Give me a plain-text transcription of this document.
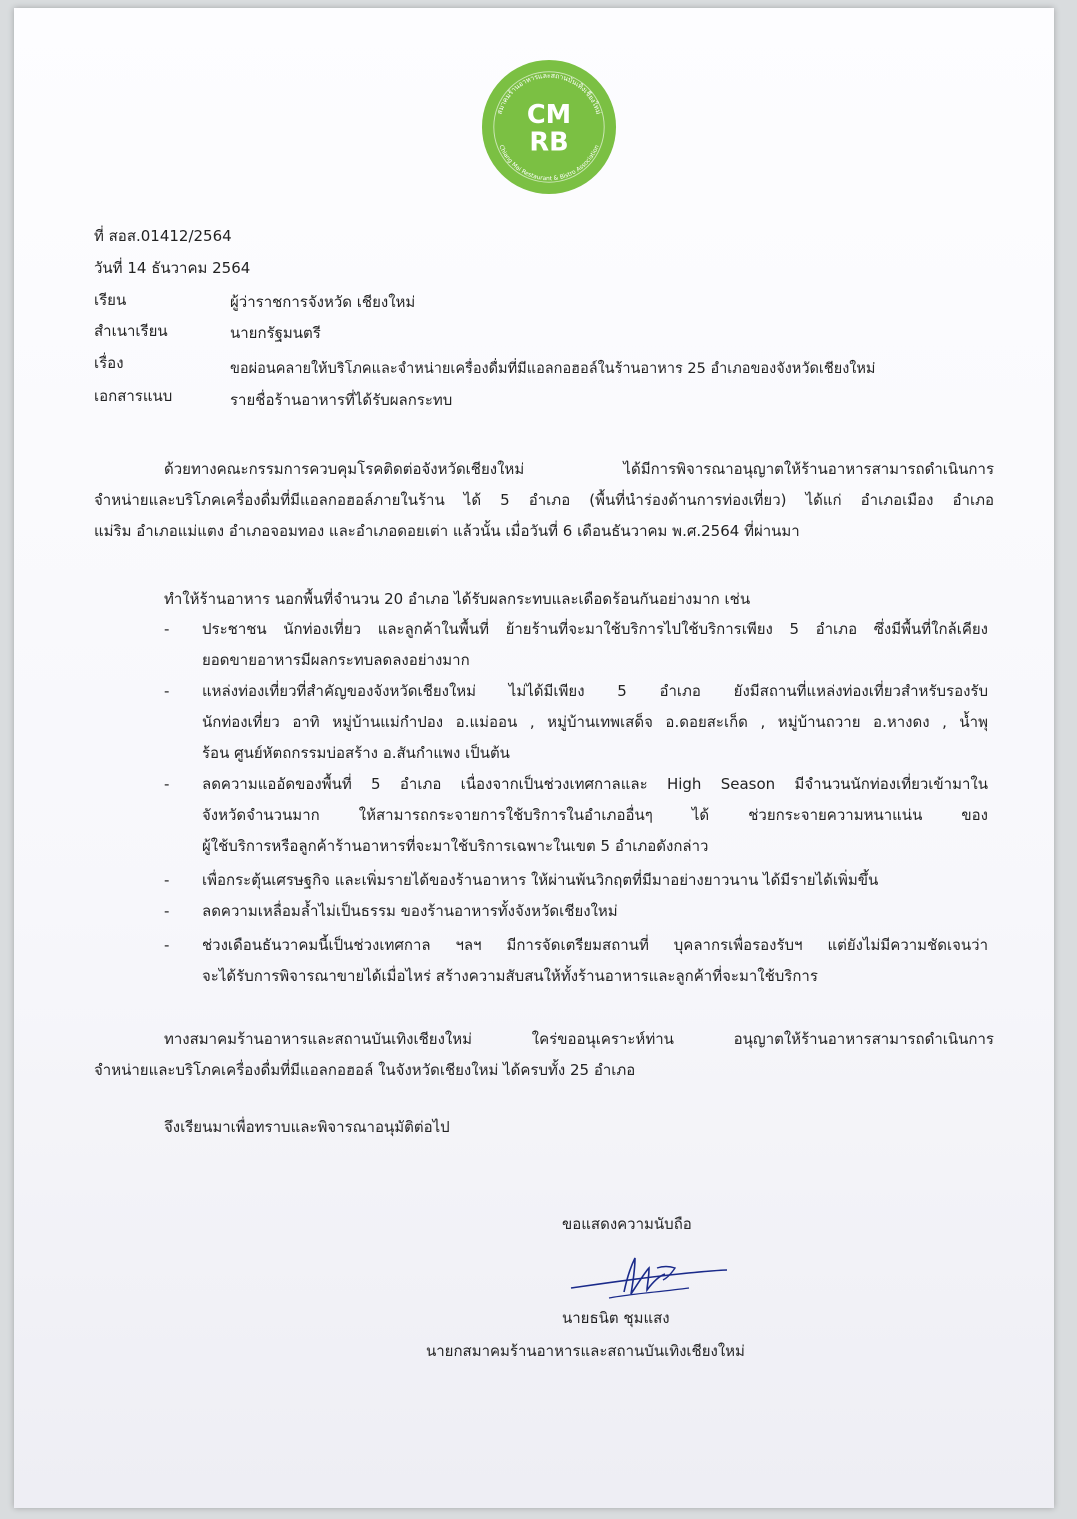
สมาคมร้านอาหารและสถานบันเทิงเชียงใหม่
Chiang Mai Restaurant & Bistro Association
CM
RB
ที่ สอส.01412/2564
วันที่ 14 ธันวาคม 2564
เรียน	ผู้ว่าราชการจังหวัด เชียงใหม่
สำเนาเรียน	นายกรัฐมนตรี
เรื่อง	ขอผ่อนคลายให้บริโภคและจำหน่ายเครื่องดื่มที่มีแอลกอฮอล์ในร้านอาหาร 25 อำเภอของจังหวัดเชียงใหม่
เอกสารแนบ	รายชื่อร้านอาหารที่ได้รับผลกระทบ
ด้วยทางคณะกรรมการควบคุมโรคติดต่อจังหวัดเชียงใหม่ ได้มีการพิจารณาอนุญาตให้ร้านอาหารสามารถดำเนินการ
จำหน่ายและบริโภคเครื่องดื่มที่มีแอลกอฮอล์ภายในร้าน ได้ 5 อำเภอ (พื้นที่นำร่องด้านการท่องเที่ยว) ได้แก่ อำเภอเมือง อำเภอ
แม่ริม อำเภอแม่แตง อำเภอจอมทอง และอำเภอดอยเต่า แล้วนั้น เมื่อวันที่ 6 เดือนธันวาคม พ.ศ.2564 ที่ผ่านมา
ทำให้ร้านอาหาร นอกพื้นที่จำนวน 20 อำเภอ ได้รับผลกระทบและเดือดร้อนกันอย่างมาก เช่น
-	ประชาชน นักท่องเที่ยว และลูกค้าในพื้นที่ ย้ายร้านที่จะมาใช้บริการไปใช้บริการเพียง 5 อำเภอ ซึ่งมีพื้นที่ใกล้เคียง
ยอดขายอาหารมีผลกระทบลดลงอย่างมาก
-	แหล่งท่องเที่ยวที่สำคัญของจังหวัดเชียงใหม่ ไม่ได้มีเพียง 5 อำเภอ ยังมีสถานที่แหล่งท่องเที่ยวสำหรับรองรับ
นักท่องเที่ยว อาทิ หมู่บ้านแม่กำปอง อ.แม่ออน , หมู่บ้านเทพเสด็จ อ.ดอยสะเก็ด , หมู่บ้านถวาย อ.หางดง , น้ำพุ
ร้อน ศูนย์หัตถกรรมบ่อสร้าง อ.สันกำแพง เป็นต้น
-	ลดความแออัดของพื้นที่ 5 อำเภอ เนื่องจากเป็นช่วงเทศกาลและ High Season มีจำนวนนักท่องเที่ยวเข้ามาใน
จังหวัดจำนวนมาก ให้สามารถกระจายการใช้บริการในอำเภออื่นๆ ได้ ช่วยกระจายความหนาแน่น ของ
ผู้ใช้บริการหรือลูกค้าร้านอาหารที่จะมาใช้บริการเฉพาะในเขต 5 อำเภอดังกล่าว
-	เพื่อกระตุ้นเศรษฐกิจ และเพิ่มรายได้ของร้านอาหาร ให้ผ่านพ้นวิกฤตที่มีมาอย่างยาวนาน ได้มีรายได้เพิ่มขึ้น
-	ลดความเหลื่อมล้ำไม่เป็นธรรม ของร้านอาหารทั้งจังหวัดเชียงใหม่
-	ช่วงเดือนธันวาคมนี้เป็นช่วงเทศกาล ฯลฯ มีการจัดเตรียมสถานที่ บุคลากรเพื่อรองรับฯ แต่ยังไม่มีความชัดเจนว่า
จะได้รับการพิจารณาขายได้เมื่อไหร่ สร้างความสับสนให้ทั้งร้านอาหารและลูกค้าที่จะมาใช้บริการ
ทางสมาคมร้านอาหารและสถานบันเทิงเชียงใหม่ ใคร่ขออนุเคราะห์ท่าน อนุญาตให้ร้านอาหารสามารถดำเนินการ
จำหน่ายและบริโภคเครื่องดื่มที่มีแอลกอฮอล์ ในจังหวัดเชียงใหม่ ได้ครบทั้ง 25 อำเภอ
จึงเรียนมาเพื่อทราบและพิจารณาอนุมัติต่อไป
ขอแสดงความนับถือ
นายธนิต ชุมแสง
นายกสมาคมร้านอาหารและสถานบันเทิงเชียงใหม่
